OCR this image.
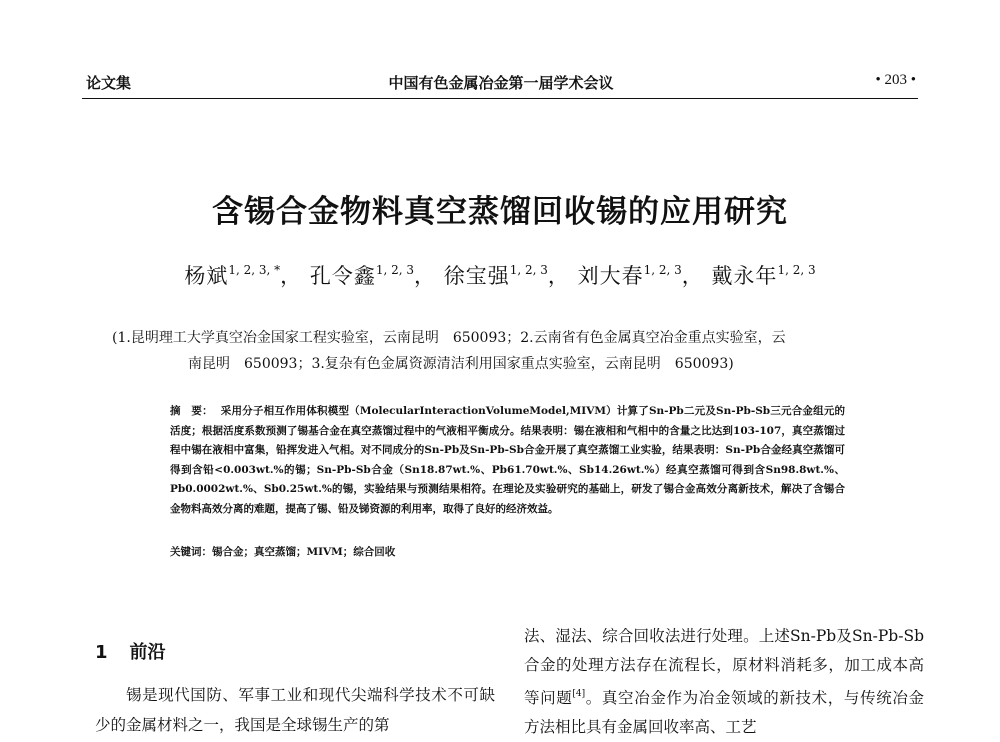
论文集	中国有色金属冶金第一届学术会议	• 203 •
含锡合金物料真空蒸馏回收锡的应用研究
杨斌$^{1, 2, 3, *}$， 孔令鑫$^{1, 2, 3}$， 徐宝强$^{1, 2, 3}$， 刘大春$^{1, 2, 3}$， 戴永年$^{1, 2, 3}$
(1.昆明理工大学真空冶金国家工程实验室，云南昆明　650093；2.云南省有色金属真空冶金重点实验室，云
南昆明　650093；3.复杂有色金属资源清洁利用国家重点实验室，云南昆明　650093)
摘　要： 采用分子相互作用体积模型（MolecularInteractionVolumeModel,MIVM）计算了Sn-Pb二元及Sn-Pb-Sb三元合金组元的活度；根据活度系数预测了锡基合金在真空蒸馏过程中的气液相平衡成分。结果表明：锡在液相和气相中的含量之比达到103-107，真空蒸馏过程中锡在液相中富集，铅挥发进入气相。对不同成分的Sn-Pb及Sn-Pb-Sb合金开展了真空蒸馏工业实验，结果表明：Sn-Pb合金经真空蒸馏可得到含铅<0.003wt.%的锡；Sn-Pb-Sb合金（Sn18.87wt.%、Pb61.70wt.%、Sb14.26wt.%）经真空蒸馏可得到含Sn98.8wt.%、Pb0.0002wt.%、Sb0.25wt.%的锡，实验结果与预测结果相符。在理论及实验研究的基础上，研发了锡合金高效分离新技术，解决了含锡合金物料高效分离的难题，提高了锡、铅及锑资源的利用率，取得了良好的经济效益。
关键词：锡合金；真空蒸馏；MIVM；综合回收
1 前沿
锡是现代国防、军事工业和现代尖端科学技术不可缺少的金属材料之一，我国是全球锡生产的第
法、湿法、综合回收法进行处理。上述Sn-Pb及Sn-Pb-Sb合金的处理方法存在流程长，原材料消耗多，加工成本高等问题[4]。真空冶金作为冶金领域的新技术，与传统冶金方法相比具有金属回收率高、工艺
